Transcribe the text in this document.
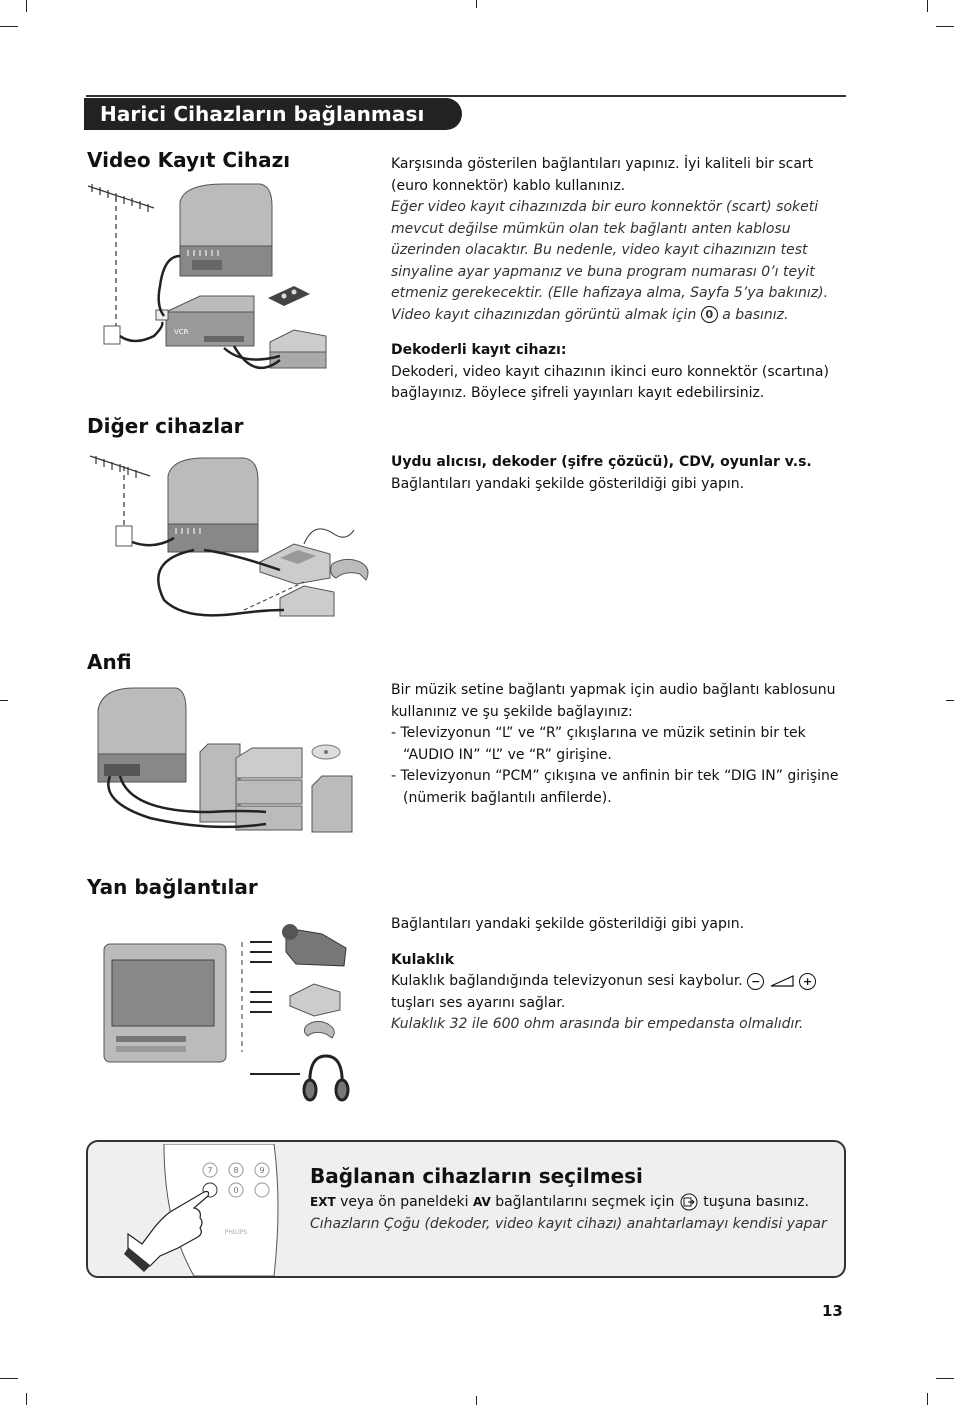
Harici Cihazların bağlanması
Video Kayıt Cihazı
VCR

Karşısında gösterilen bağlantıları yapınız. İyi kaliteli bir scart (euro konnektör) kablo kullanınız.

Eğer video kayıt cihazınızda bir euro konnektör (scart) soketi mevcut değilse mümkün olan tek bağlantı anten kablosu üzerinden olacaktır. Bu nedenle, video kayıt cihazınızın test sinyaline ayar yapmanız ve buna program numarası 0’ı teyit etmeniz gerekecektir. (Elle hafizaya alma, Sayfa 5’ya bakınız). Video kayıt cihazınızdan görüntü almak için 0 a basınız.

Dekoderli kayıt cihazı:

Dekoderi, video kayıt cihazının ikinci euro konnektör (scartına) bağlayınız. Böylece şifreli yayınları kayıt edebilirsiniz.

Diğer cihazlar

Uydu alıcısı, dekoder (şifre çözücü), CDV, oyunlar v.s.

Bağlantıları yandaki şekilde gösterildiği gibi yapın.

Anfi

Bir müzik setine bağlantı yapmak için audio bağlantı kablosunu kullanınız ve şu şekilde bağlayınız:

- Televizyonun “L” ve “R” çıkışlarına ve müzik setinin bir tek “AUDIO IN” “L” ve “R” girişine.

- Televizyonun “PCM” çıkışına ve anfinin bir tek “DIG IN” girişine (nümerik bağlantılı anfilerde).

Yan bağlantılar

Bağlantıları yandaki şekilde gösterildiği gibi yapın.

Kulaklık

Kulaklık bağlandığında televizyonun sesi kaybolur. −	+
tuşları ses ayarını sağlar.

Kulaklık 32 ile 600 ohm arasında bir empedansta olmalıdır.

7	8	9
0
PHILIPS
Bağlanan cihazların seçilmesi

EXT veya ön paneldeki AV bağlantılarını seçmek için tuşuna basınız.

Cıhazların Çoğu (dekoder, video kayıt cihazı) anahtarlamayı kendisi yapar

13
